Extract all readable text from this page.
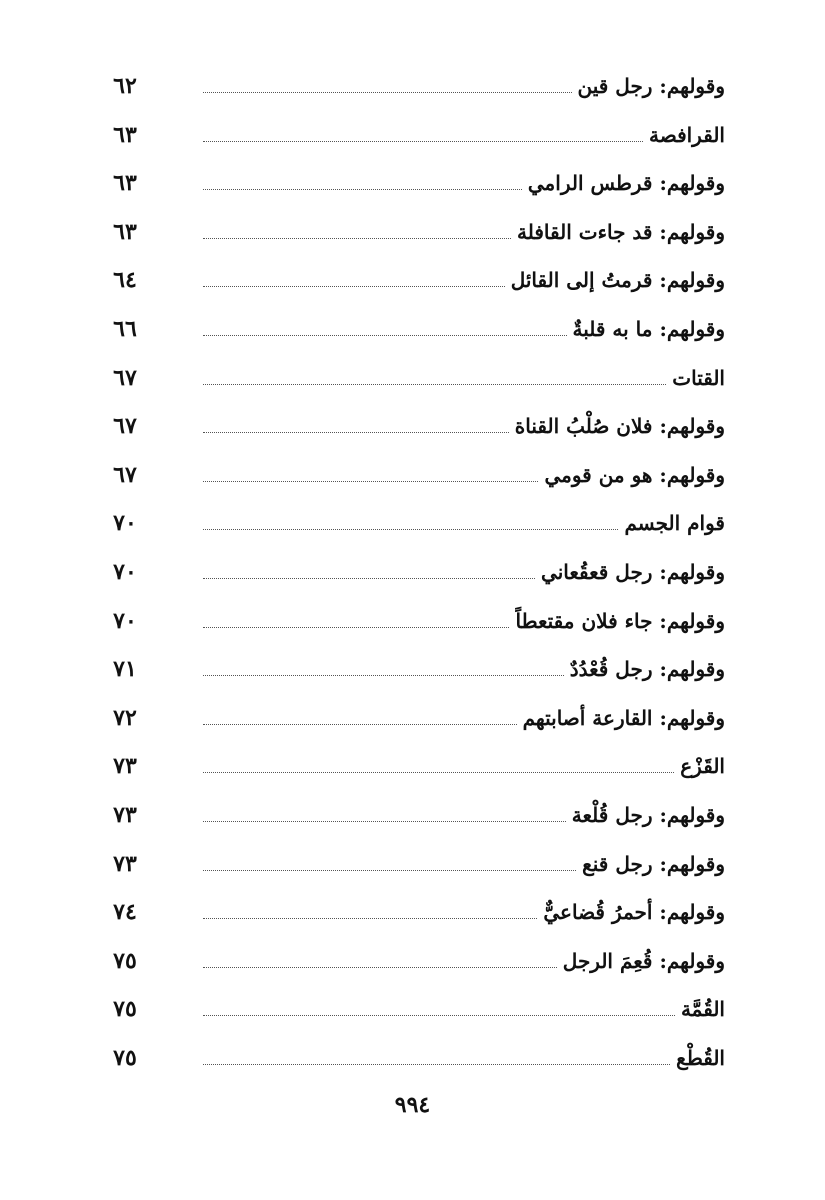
٦٢	وقولهم: رجل قين
٦٣	القرافصة
٦٣	وقولهم: قرطس الرامي
٦٣	وقولهم: قد جاءت القافلة
٦٤	وقولهم: قرمتُ إلى القائل
٦٦	وقولهم: ما به قلبةٌ
٦٧	القتات
٦٧	وقولهم: فلان صُلْبُ القناة
٦٧	وقولهم: هو من قومي
٧٠	قوام الجسم
٧٠	وقولهم: رجل قعقُعاني
٧٠	وقولهم: جاء فلان مقتعطاً
٧١	وقولهم: رجل قُعْدُدٌ
٧٢	وقولهم: القارعة أصابتهم
٧٣	القَزْع
٧٣	وقولهم: رجل قُلْعة
٧٣	وقولهم: رجل قنع
٧٤	وقولهم: أحمرُ قُضاعيٌّ
٧٥	وقولهم: قُعِمَ الرجل
٧٥	القُمَّة
٧٥	القُطْع
٩٩٤
